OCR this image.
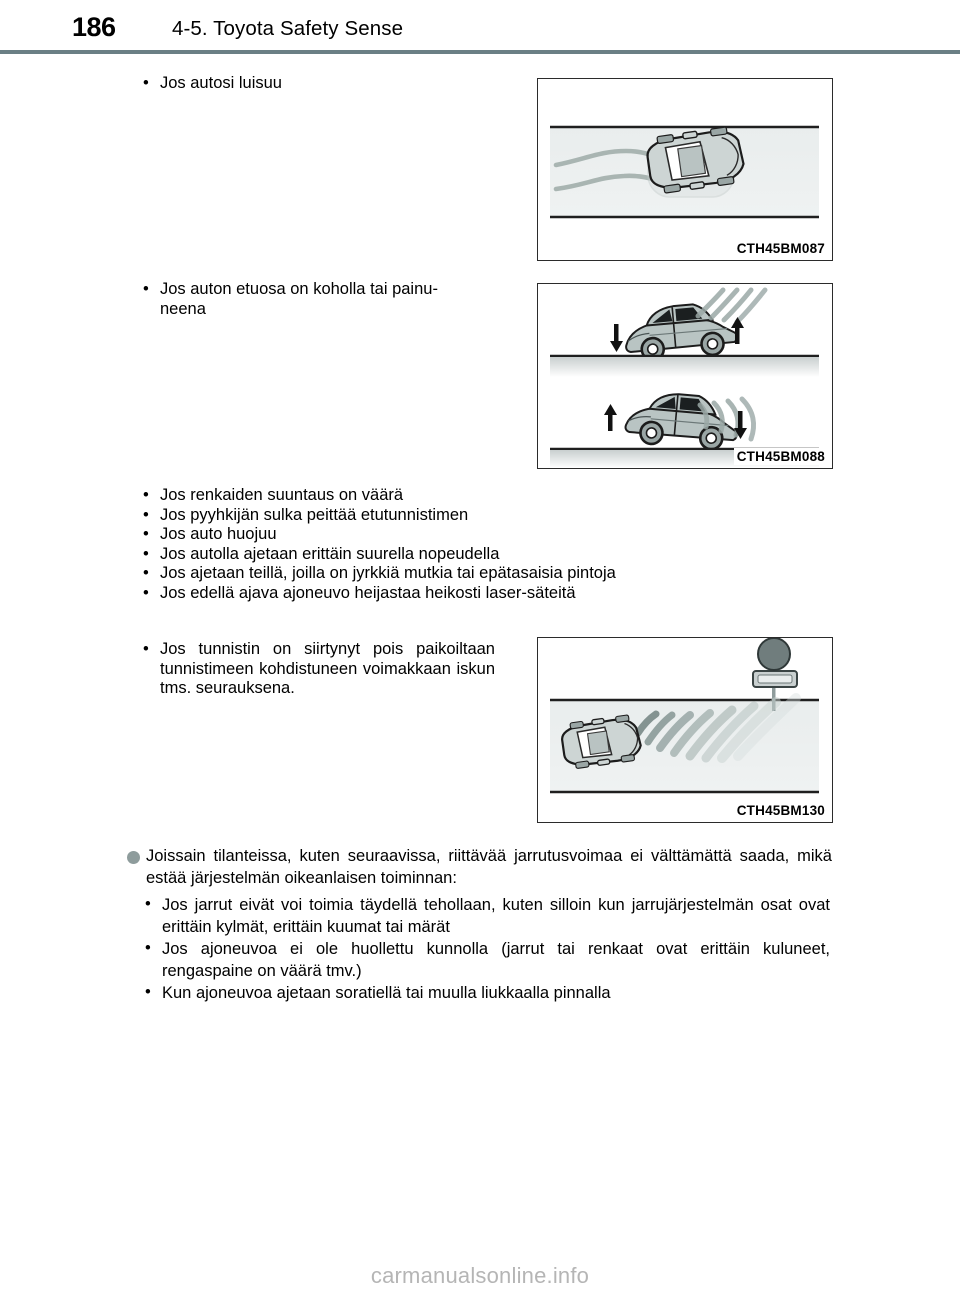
186	4-5. Toyota Safety Sense
• Jos autosi luisuu
CTH45BM087
• Jos auton etuosa on koholla tai painu-
neena
CTH45BM088
• Jos renkaiden suuntaus on väärä
• Jos pyyhkijän sulka peittää etutunnistimen
• Jos auto huojuu
• Jos autolla ajetaan erittäin suurella nopeudella
• Jos ajetaan teillä, joilla on jyrkkiä mutkia tai epätasaisia pintoja
• Jos edellä ajava ajoneuvo heijastaa heikosti laser-säteitä
• Jos tunnistin on siirtynyt pois paikoiltaan tunnistimeen kohdistuneen voimakkaan iskun tms. seurauksena.
CTH45BM130
Joissain tilanteissa, kuten seuraavissa, riittävää jarrutusvoimaa ei välttämättä saada, mikä estää järjestelmän oikeanlaisen toiminnan:
• Jos jarrut eivät voi toimia täydellä tehollaan, kuten silloin kun jarrujärjestelmän osat ovat erittäin kylmät, erittäin kuumat tai märät
• Jos ajoneuvoa ei ole huollettu kunnolla (jarrut tai renkaat ovat erittäin kuluneet, rengaspaine on väärä tmv.)
• Kun ajoneuvoa ajetaan soratiellä tai muulla liukkaalla pinnalla
carmanualsonline.info
